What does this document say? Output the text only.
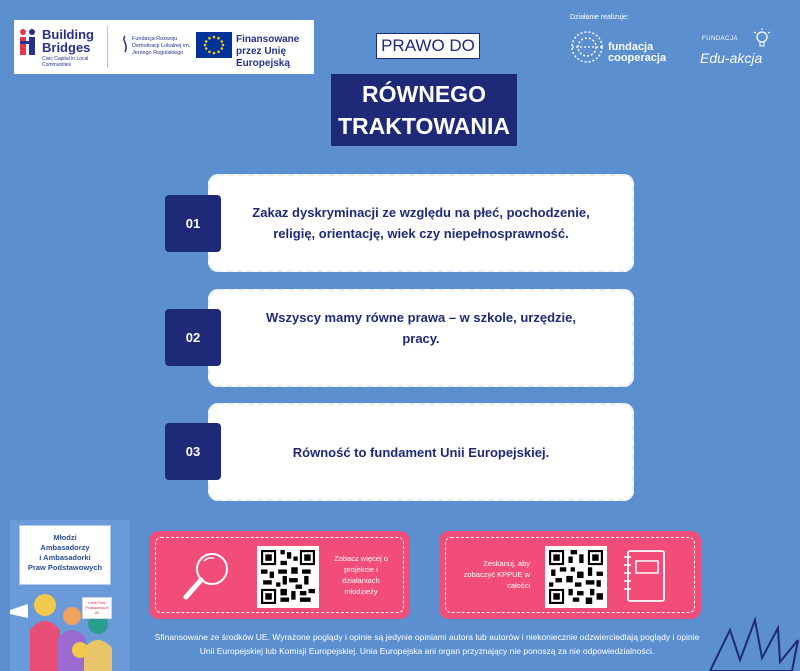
Building
Bridges
Civic Capital in Local Communities
Fundacja Rozwoju Demokracji Lokalnej im. Jerzego Regulskiego
Finansowane przez Unię Europejską
Działanie realizuje:
fundacja
cooperacja
FUNDACJA
Edu-akcja
PRAWO DO
RÓWNEGO
TRAKTOWANIA
Zakaz dyskryminacji ze względu na płeć, pochodzenie, religię, orientację, wiek czy niepełnosprawność.
01
Wszyscy mamy równe prawa – w szkole, urzędzie, pracy.
02
Równość to fundament Unii Europejskiej.
03
Zobacz więcej o projekcie i działaniach młodzieży
Zeskanuj, aby zobaczyć KPPUE w całości
Młodzi
Ambasadorzy
i Ambasadorki
Praw Podstawowych
Karta Praw Podstawowych UE
Sfinansowane ze środków UE. Wyrażone poglądy i opinie są jedynie opiniami autora lub autorów i niekoniecznie odzwierciedlają poglądy i opinie Unii Europejskiej lub Komisji Europejskiej. Unia Europejska ani organ przyznający nie ponoszą za nie odpowiedzialności.
